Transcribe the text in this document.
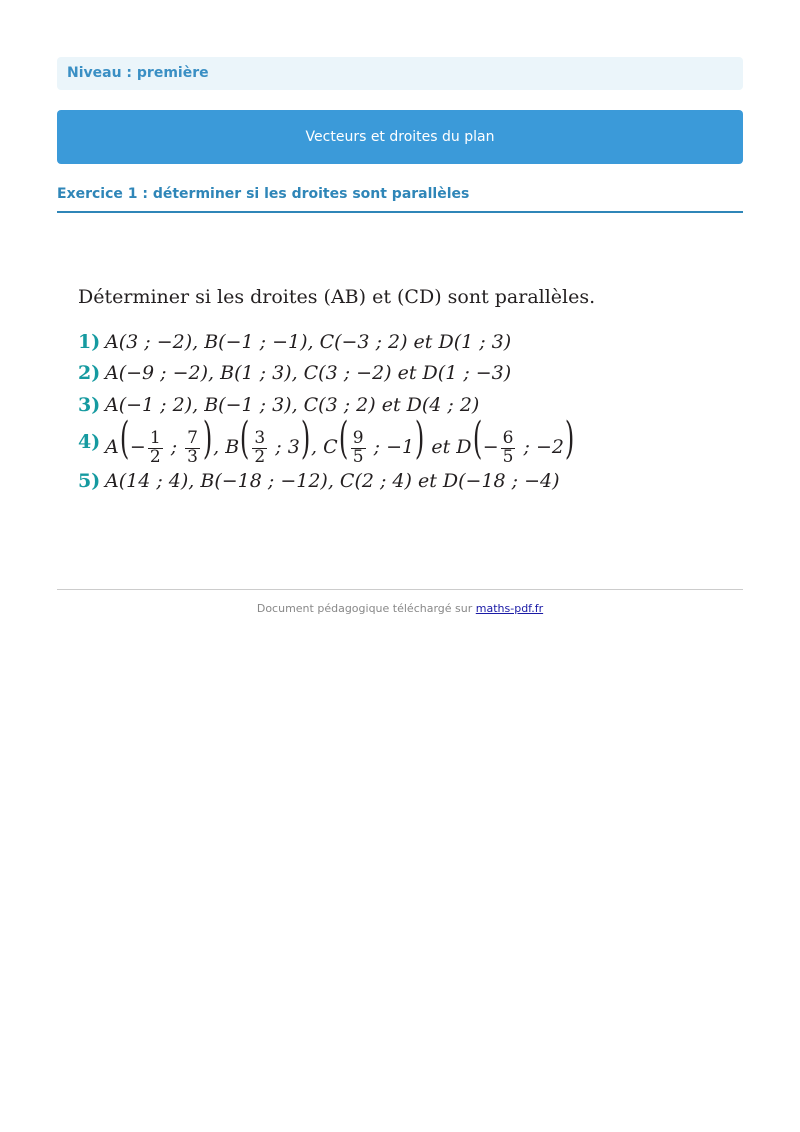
Niveau : première
Vecteurs et droites du plan
Exercice 1 : déterminer si les droites sont parallèles
Déterminer si les droites (AB) et (CD) sont parallèles.
1) A(3 ; −2), B(−1 ; −1), C(−3 ; 2) et D(1 ; 3)
2) A(−9 ; −2), B(1 ; 3), C(3 ; −2) et D(1 ; −3)
3) A(−1 ; 2), B(−1 ; 3), C(3 ; 2) et D(4 ; 2)
4) $A(- \frac{1}{2}$ ; $\frac{7}{3}$ ), $B( \frac{3}{2}$ ; 3), $C( \frac{9}{5}$ ; −1) et $D(- \frac{6}{5}$ ; −2)
5) A(14 ; 4), B(−18 ; −12), C(2 ; 4) et D(−18 ; −4)
Document pédagogique téléchargé sur maths-pdf.fr
